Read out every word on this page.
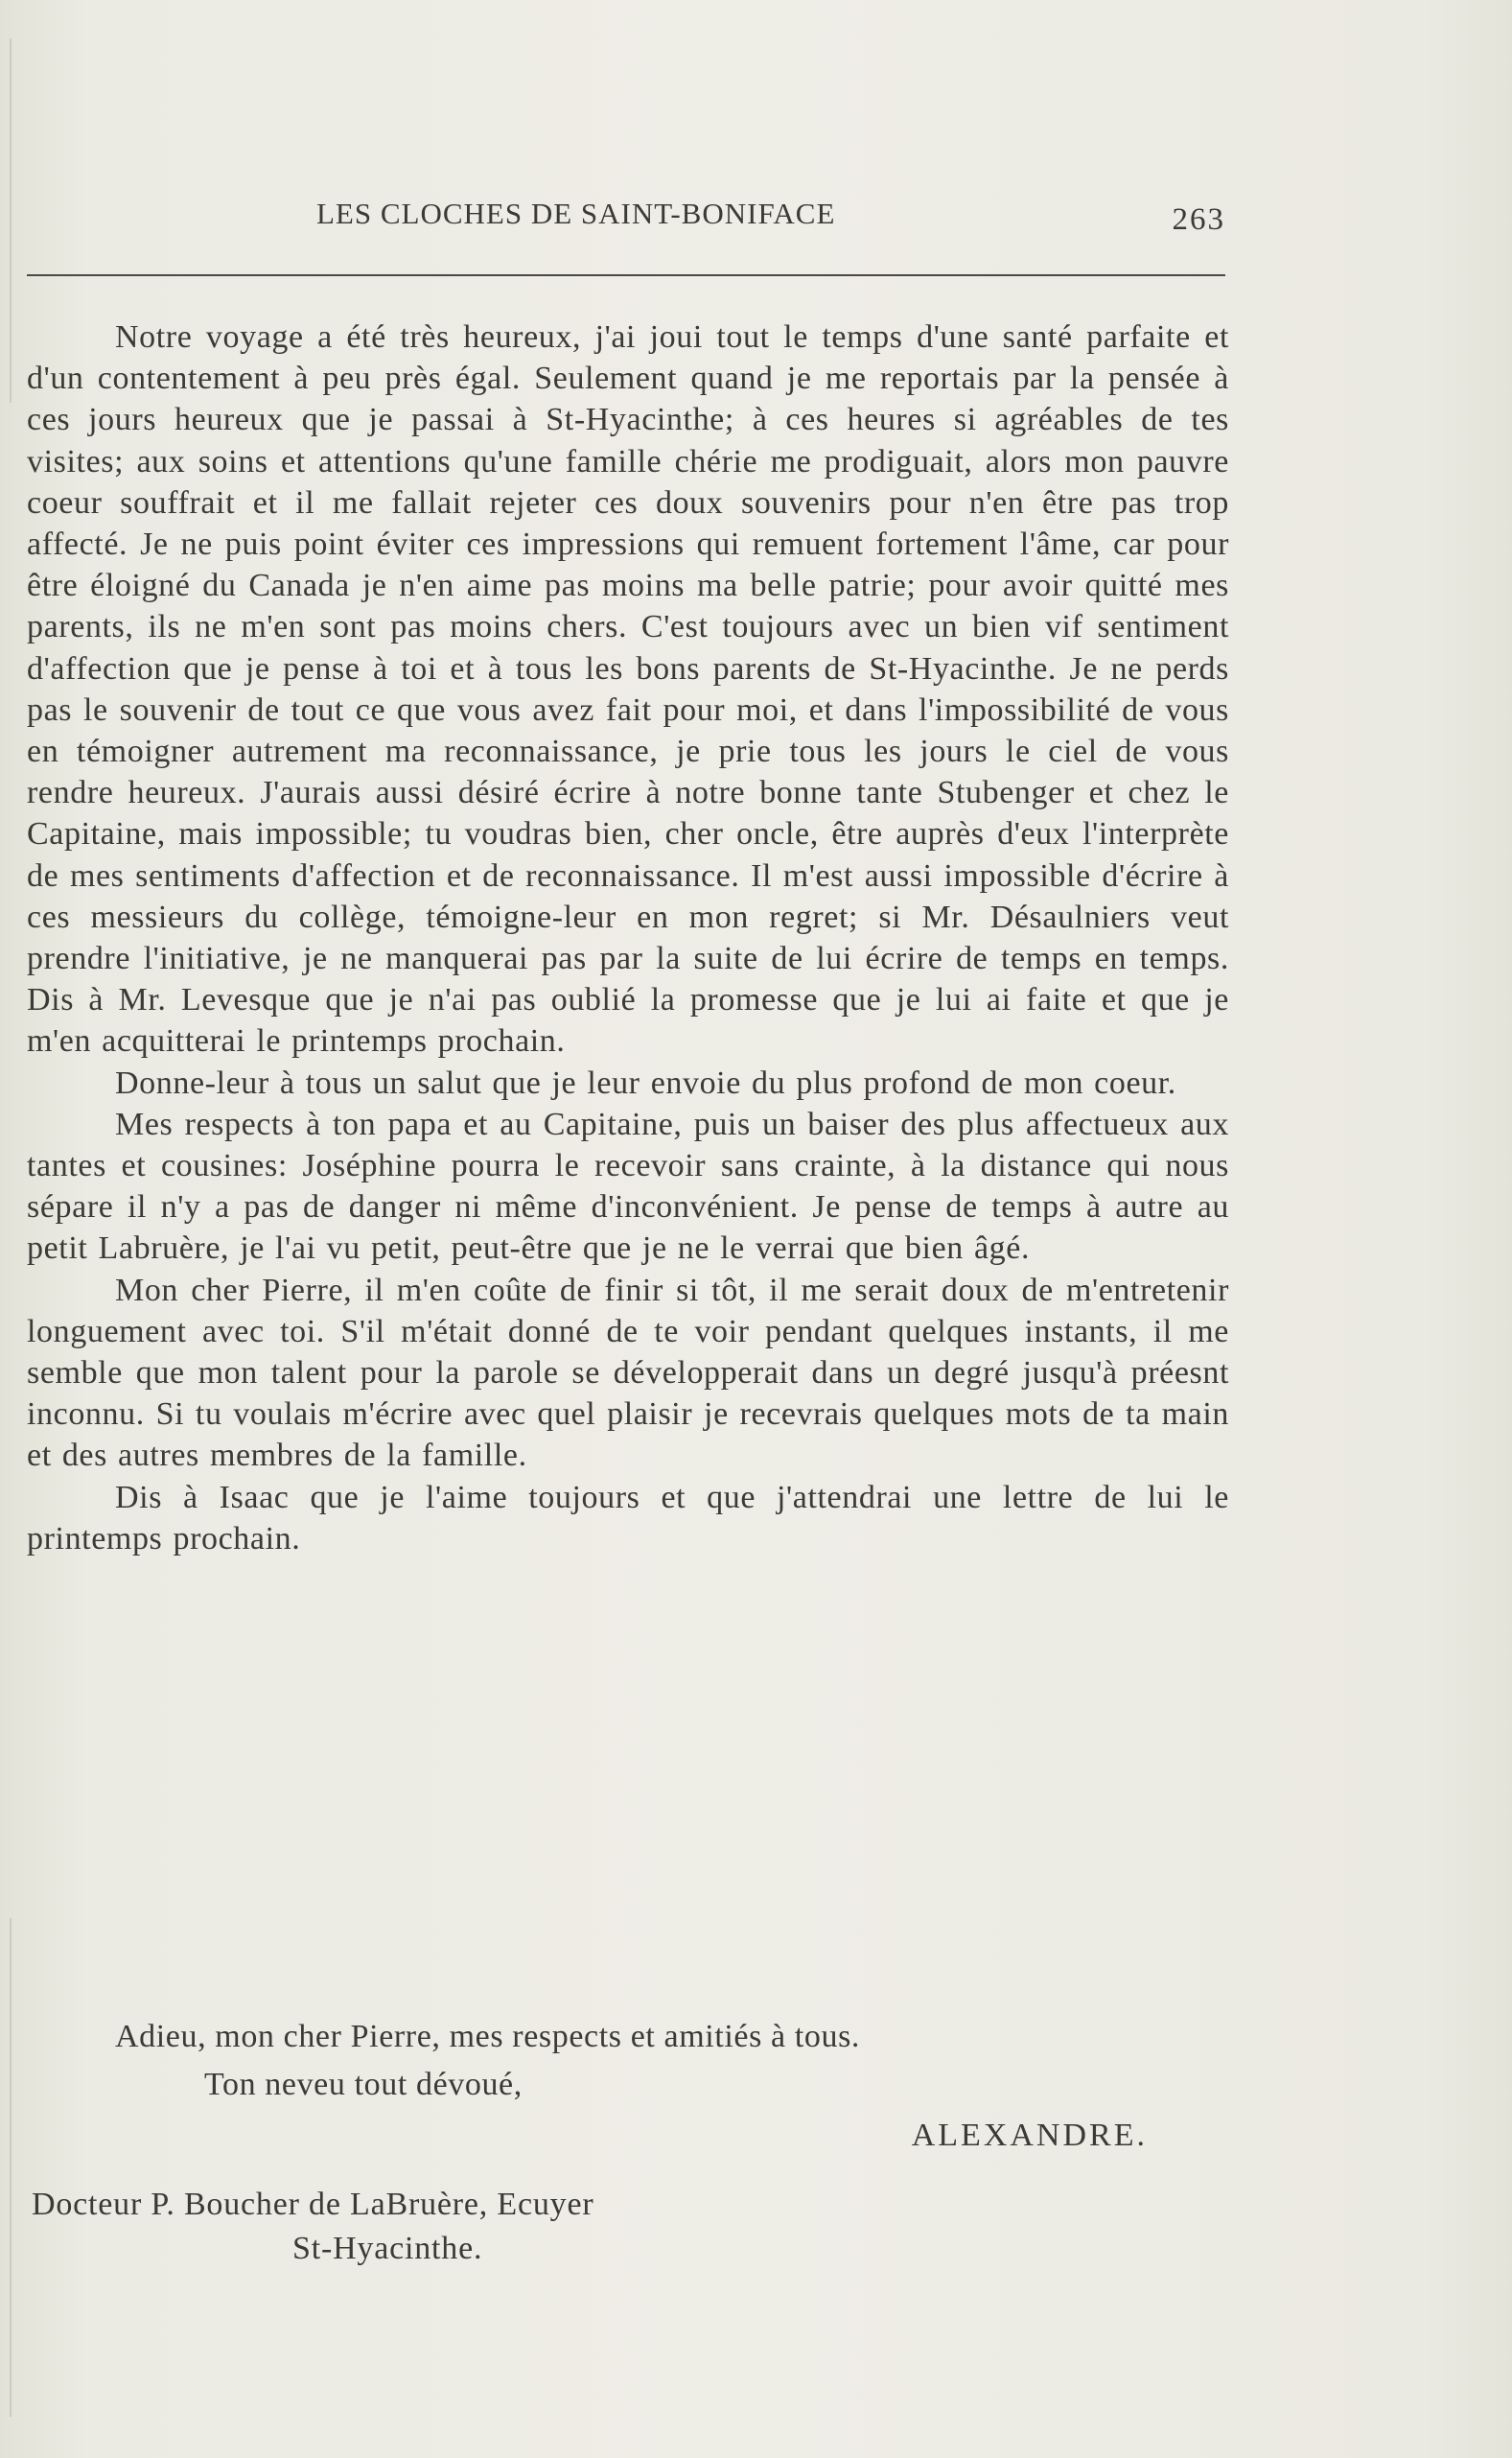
LES CLOCHES DE SAINT-BONIFACE	263

Notre voyage a été très heureux, j'ai joui tout le temps d'une santé parfaite et d'un contentement à peu près égal. Seulement quand je me reportais par la pensée à ces jours heureux que je passai à St-Hyacinthe; à ces heures si agréables de tes visites; aux soins et attentions qu'une famille chérie me prodiguait, alors mon pauvre coeur souffrait et il me fallait rejeter ces doux souvenirs pour n'en être pas trop affecté. Je ne puis point éviter ces impressions qui remuent fortement l'âme, car pour être éloigné du Canada je n'en aime pas moins ma belle patrie; pour avoir quitté mes parents, ils ne m'en sont pas moins chers. C'est toujours avec un bien vif sentiment d'affection que je pense à toi et à tous les bons parents de St-Hyacinthe. Je ne perds pas le souvenir de tout ce que vous avez fait pour moi, et dans l'impossibilité de vous en témoigner autrement ma reconnaissance, je prie tous les jours le ciel de vous rendre heureux. J'aurais aussi désiré écrire à notre bonne tante Stubenger et chez le Capitaine, mais impossible; tu voudras bien, cher oncle, être auprès d'eux l'interprète de mes sentiments d'affection et de reconnaissance. Il m'est aussi impossible d'écrire à ces messieurs du collège, témoigne-leur en mon regret; si Mr. Désaulniers veut prendre l'initiative, je ne manquerai pas par la suite de lui écrire de temps en temps. Dis à Mr. Levesque que je n'ai pas oublié la promesse que je lui ai faite et que je m'en acquitterai le printemps prochain.

Donne-leur à tous un salut que je leur envoie du plus profond de mon coeur.

Mes respects à ton papa et au Capitaine, puis un baiser des plus affectueux aux tantes et cousines: Joséphine pourra le recevoir sans crainte, à la distance qui nous sépare il n'y a pas de danger ni même d'inconvénient. Je pense de temps à autre au petit Labruère, je l'ai vu petit, peut-être que je ne le verrai que bien âgé.

Mon cher Pierre, il m'en coûte de finir si tôt, il me serait doux de m'entretenir longuement avec toi. S'il m'était donné de te voir pendant quelques instants, il me semble que mon talent pour la parole se développerait dans un degré jusqu'à préesnt inconnu. Si tu voulais m'écrire avec quel plaisir je recevrais quelques mots de ta main et des autres membres de la famille.

Dis à Isaac que je l'aime toujours et que j'attendrai une lettre de lui le printemps prochain.

Adieu, mon cher Pierre, mes respects et amitiés à tous.
Ton neveu tout dévoué,
ALEXANDRE.
Docteur P. Boucher de LaBruère, Ecuyer
St-Hyacinthe.
